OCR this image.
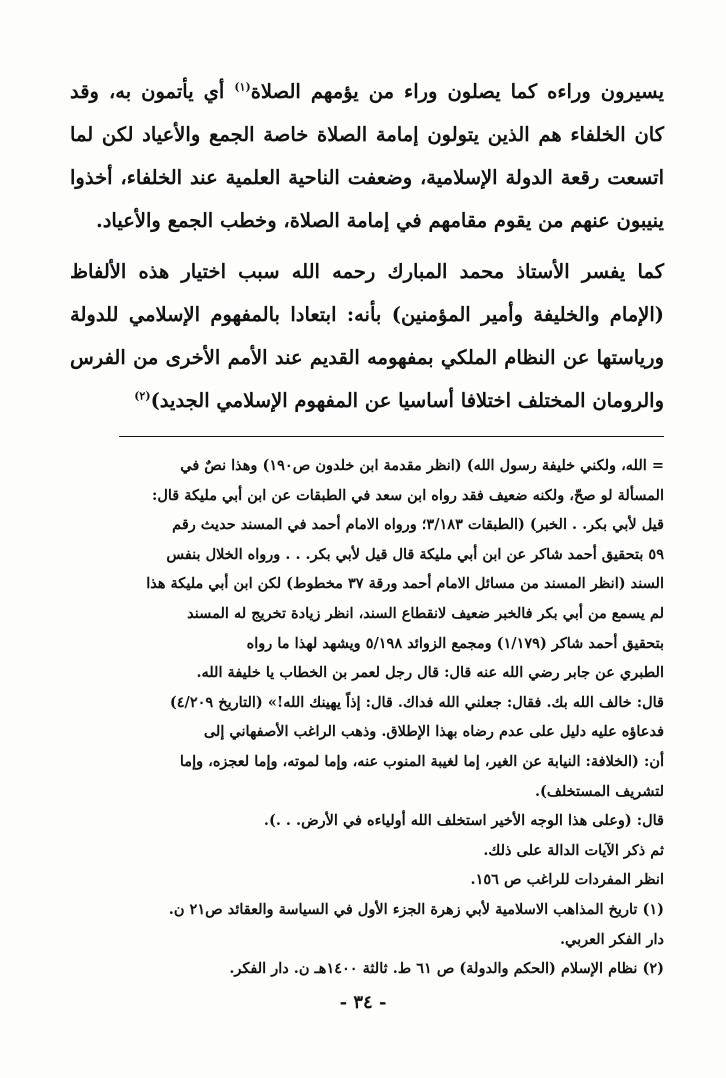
يسيرون وراءه كما يصلون وراء من يؤمهم الصلاة$^{(١)}$ أي يأتمون به، وقد كان الخلفاء هم الذين يتولون إمامة الصلاة خاصة الجمع والأعياد لكن لما اتسعت رقعة الدولة الإسلامية، وضعفت الناحية العلمية عند الخلفاء، أخذوا ينيبون عنهم من يقوم مقامهم في إمامة الصلاة، وخطب الجمع والأعياد.

كما يفسر الأستاذ محمد المبارك رحمه الله سبب اختيار هذه الألفاظ (الإمام والخليفة وأمير المؤمنين) بأنه: ابتعادا بالمفهوم الإسلامي للدولة ورياستها عن النظام الملكي بمفهومه القديم عند الأمم الأخرى من الفرس والرومان المختلف اختلافا أساسيا عن المفهوم الإسلامي الجديد)$^{(٢)}$

= الله، ولكني خليفة رسول الله) (انظر مقدمة ابن خلدون ص١٩٠) وهذا نصٌ في

المسألة لو صحّ، ولكنه ضعيف فقد رواه ابن سعد في الطبقات عن ابن أبي مليكة قال:

قيل لأبي بكر. . الخبر) (الطبقات ٣/١٨٣؛ ورواه الامام أحمد في المسند حديث رقم

٥٩ بتحقيق أحمد شاكر عن ابن أبي مليكة قال قيل لأبي بكر. . . ورواه الخلال بنفس

السند (انظر المسند من مسائل الامام أحمد ورقة ٣٧ مخطوط) لكن ابن أبي مليكة هذا

لم يسمع من أبي بكر فالخبر ضعيف لانقطاع السند، انظر زيادة تخريج له المسند

بتحقيق أحمد شاكر (١/١٧٩) ومجمع الزوائد ٥/١٩٨ ويشهد لهذا ما رواه

الطبري عن جابر رضي الله عنه قال: قال رجل لعمر بن الخطاب يا خليفة الله.

قال: خالف الله بك. فقال: جعلني الله فداك. قال: إذاً يهينك الله!» (التاريخ ٤/٢٠٩)

فدعاؤه عليه دليل على عدم رضاه بهذا الإطلاق. وذهب الراغب الأصفهاني إلى

أن: (الخلافة: النيابة عن الغير، إما لغيبة المنوب عنه، وإما لموته، وإما لعجزه، وإما

لتشريف المستخلف).

قال: (وعلى هذا الوجه الأخير استخلف الله أولياءه في الأرض. . .).

ثم ذكر الآيات الدالة على ذلك.

انظر المفردات للراغب ص ١٥٦.

(١) تاريخ المذاهب الاسلامية لأبي زهرة الجزء الأول في السياسة والعقائد ص٢١ ن.

دار الفكر العربي.

(٢) نظام الإسلام (الحكم والدولة) ص ٦١ ط. ثالثة ١٤٠٠هـ ن. دار الفكر.

- ٣٤ -
